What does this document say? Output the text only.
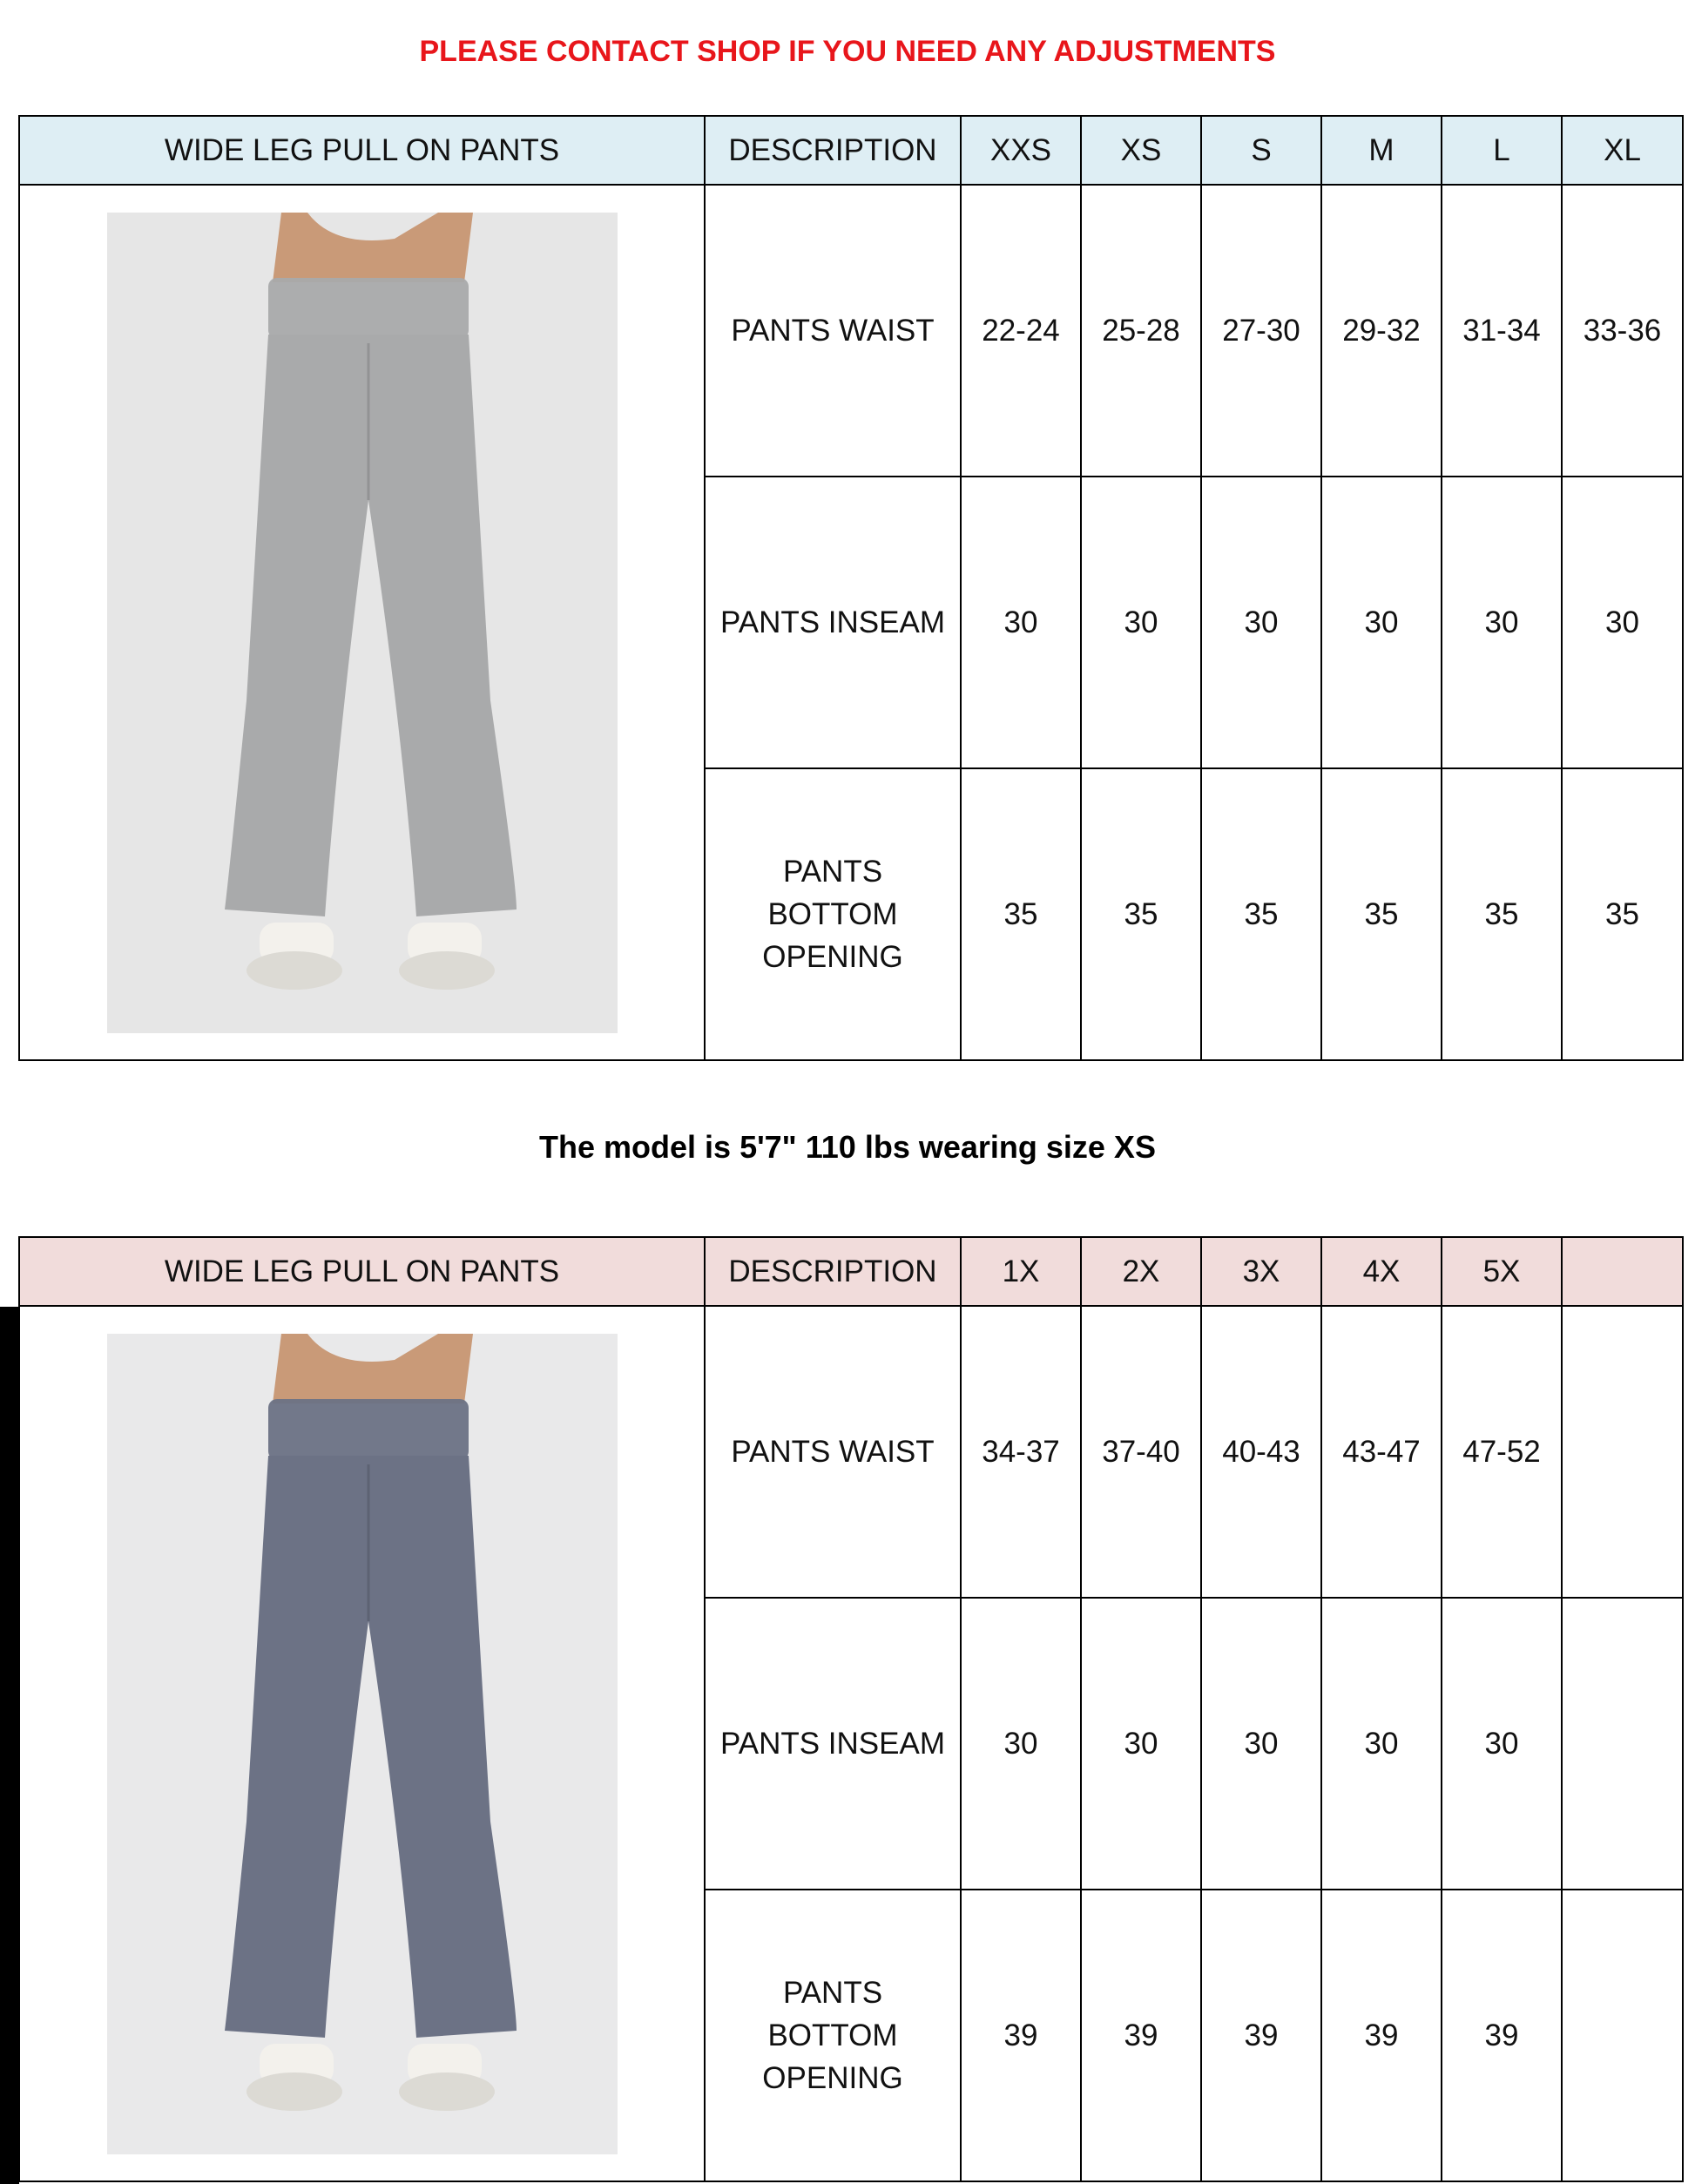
PLEASE CONTACT SHOP IF YOU NEED ANY ADJUSTMENTS
WIDE LEG PULL ON PANTS	DESCRIPTION	XXS	XS	S	M	L	XL

	PANTS WAIST	22-24	25-28	27-30	29-32	31-34	33-36
	PANTS INSEAM	30	30	30	30	30	30
	PANTS BOTTOM OPENING	35	35	35	35	35	35
The model is 5'7" 110 lbs wearing size XS
WIDE LEG PULL ON PANTS	DESCRIPTION	1X	2X	3X	4X	5X	

	PANTS WAIST	34-37	37-40	40-43	43-47	47-52	
	PANTS INSEAM	30	30	30	30	30	
	PANTS BOTTOM OPENING	39	39	39	39	39	
